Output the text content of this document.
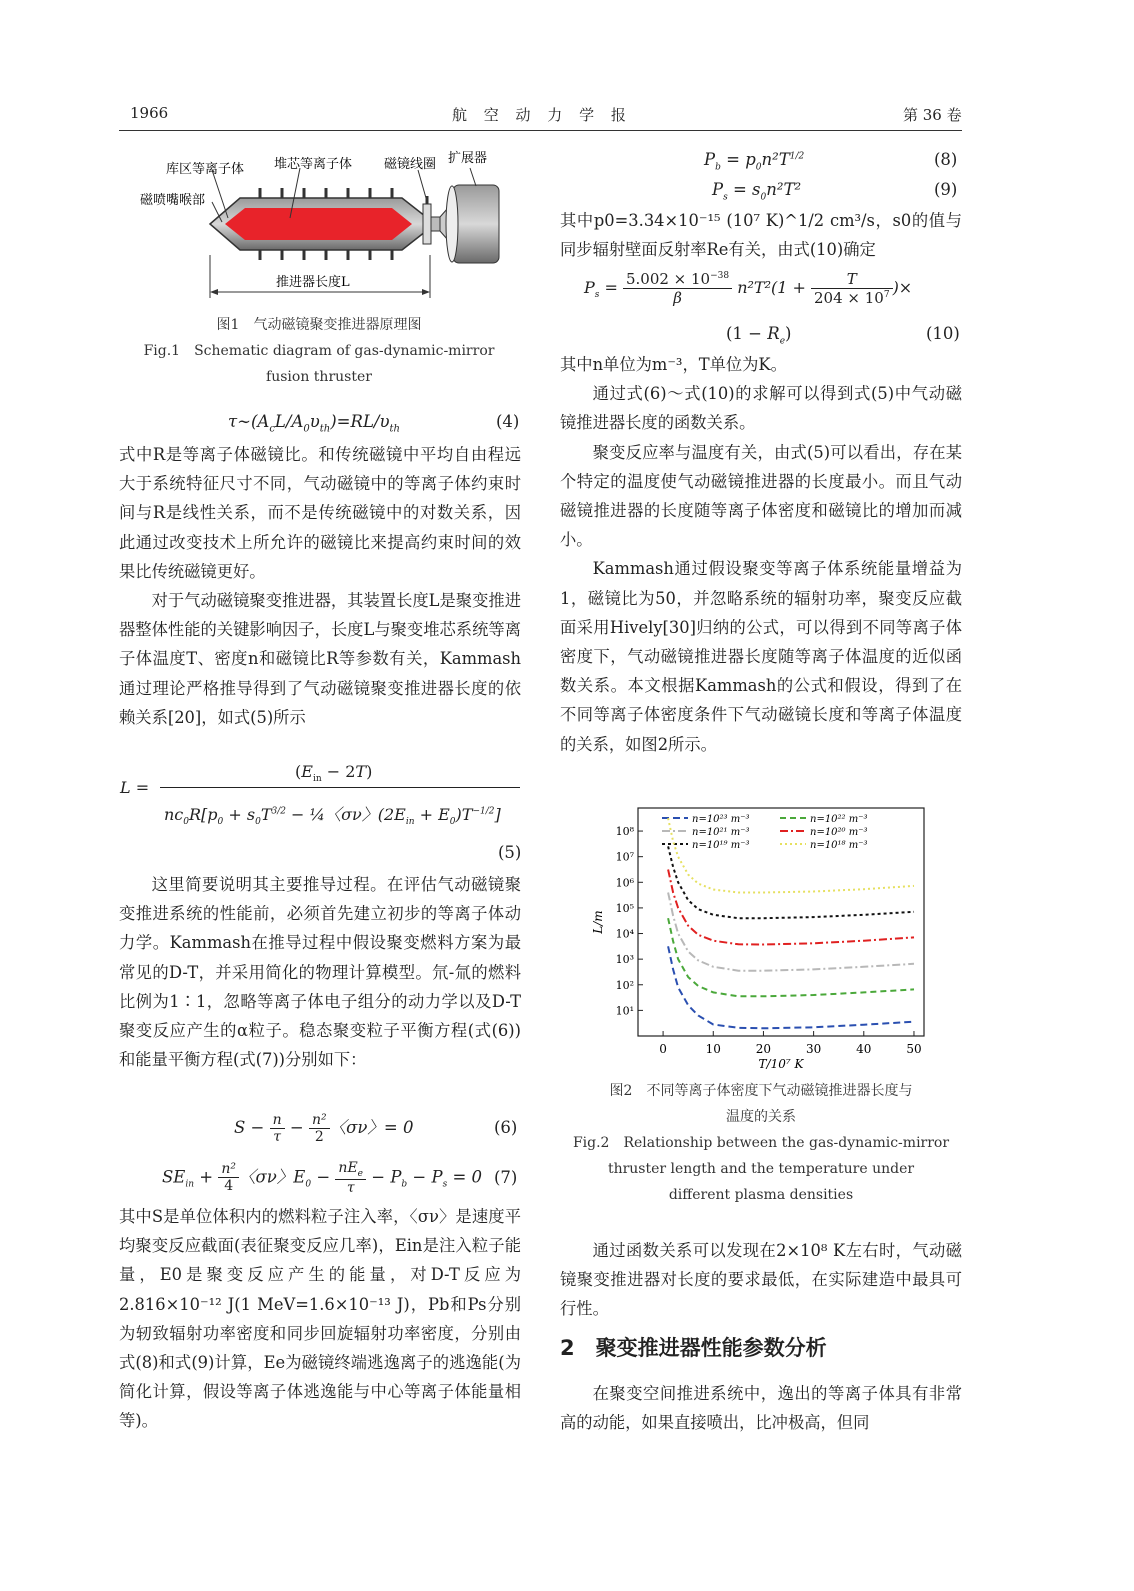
1966	航 空 动 力 学 报	第 36 卷
库区等离子体 堆芯等离子体 磁镜线圈 扩展器
磁喷嘴喉部
推进器长度L
图1　气动磁镜聚变推进器原理图
Fig.1　Schematic diagram of gas-dynamic-mirror
fusion thruster
$\tau\sim(A_cL/A_0\upsilon_{th})=RL/\upsilon_{th}$	(4)

式中R是等离子体磁镜比。和传统磁镜中平均自由程远大于系统特征尺寸不同，气动磁镜中的等离子体约束时间与R是线性关系，而不是传统磁镜中的对数关系，因此通过改变技术上所允许的磁镜比来提高约束时间的效果比传统磁镜更好。

对于气动磁镜聚变推进器，其装置长度L是聚变推进器整体性能的关键影响因子，长度L与聚变堆芯系统等离子体温度T、密度n和磁镜比R等参数有关，Kammash通过理论严格推导得到了气动磁镜聚变推进器长度的依赖关系[20]，如式(5)所示

L =
$(E_{in} - 2T)$
$nc_0R[p_0 + s_0T^{3/2}$ − ¼〈σν〉$(2E_{in} + E_0)T^{-1/2}$]
(5)

这里简要说明其主要推导过程。在评估气动磁镜聚变推进系统的性能前，必须首先建立初步的等离子体动力学。Kammash在推导过程中假设聚变燃料方案为最常见的D-T，并采用简化的物理计算模型。氘-氚的燃料比例为1∶1，忽略等离子体电子组分的动力学以及D-T聚变反应产生的α粒子。稳态聚变粒子平衡方程(式(6))和能量平衡方程(式(7))分别如下：

$S - \frac{n}{\tau} - \frac{\text{n²}}{2}$ 〈σν〉= 0	(6)
$SE_{in} + \frac{\text{n²}}{4}$ 〈σν〉$E_0 - \frac{nE_e}{\tau} - P_b - P_s = 0$ (7)

其中S是单位体积内的燃料粒子注入率，〈σν〉是速度平均聚变反应截面(表征聚变反应几率)，Ein是注入粒子能量，E0是聚变反应产生的能量，对D-T反应为2.816×10⁻¹² J(1 MeV=1.6×10⁻¹³ J)，Pb和Ps分别为轫致辐射功率密度和同步回旋辐射功率密度，分别由式(8)和式(9)计算，Ee为磁镜终端逃逸离子的逃逸能(为简化计算，假设等离子体逃逸能与中心等离子体能量相等)。

$P_b = p_0n^2T^{1/2}$	(8)
$P_s = s_0n^2T^2$	(9)

其中p0=3.34×10⁻¹⁵ (10⁷ K)^1/2 cm³/s，s0的值与同步辐射壁面反射率Re有关，由式(10)确定

$P_s = \frac{5.002 \times 10^{-38}}{\beta} n^2T^2(1 + \frac{T}{204 \times 10^7}$ )×
$(1 - R_e)$	(10)

其中n单位为m⁻³，T单位为K。

通过式(6)～式(10)的求解可以得到式(5)中气动磁镜推进器长度的函数关系。

聚变反应率与温度有关，由式(5)可以看出，存在某个特定的温度使气动磁镜推进器的长度最小。而且气动磁镜推进器的长度随等离子体密度和磁镜比的增加而减小。

Kammash通过假设聚变等离子体系统能量增益为1，磁镜比为50，并忽略系统的辐射功率，聚变反应截面采用Hively[30]归纳的公式，可以得到不同等离子体密度下，气动磁镜推进器长度随等离子体温度的近似函数关系。本文根据Kammash的公式和假设，得到了在不同等离子体密度条件下气动磁镜长度和等离子体温度的关系，如图2所示。

0	10	20	30	40	50
10¹
10²
10³
10⁴
10⁵
10⁶
10⁷
10⁸
T/10⁷ K
L/m
n=10²³ m⁻³	n=10²² m⁻³
n=10²¹ m⁻³	n=10²⁰ m⁻³
n=10¹⁹ m⁻³	n=10¹⁸ m⁻³
图2　不同等离子体密度下气动磁镜推进器长度与
温度的关系
Fig.2　Relationship between the gas-dynamic-mirror
thruster length and the temperature under
different plasma densities

通过函数关系可以发现在2×10⁸ K左右时，气动磁镜聚变推进器对长度的要求最低，在实际建造中最具可行性。

2　聚变推进器性能参数分析

在聚变空间推进系统中，逸出的等离子体具有非常高的动能，如果直接喷出，比冲极高，但同
